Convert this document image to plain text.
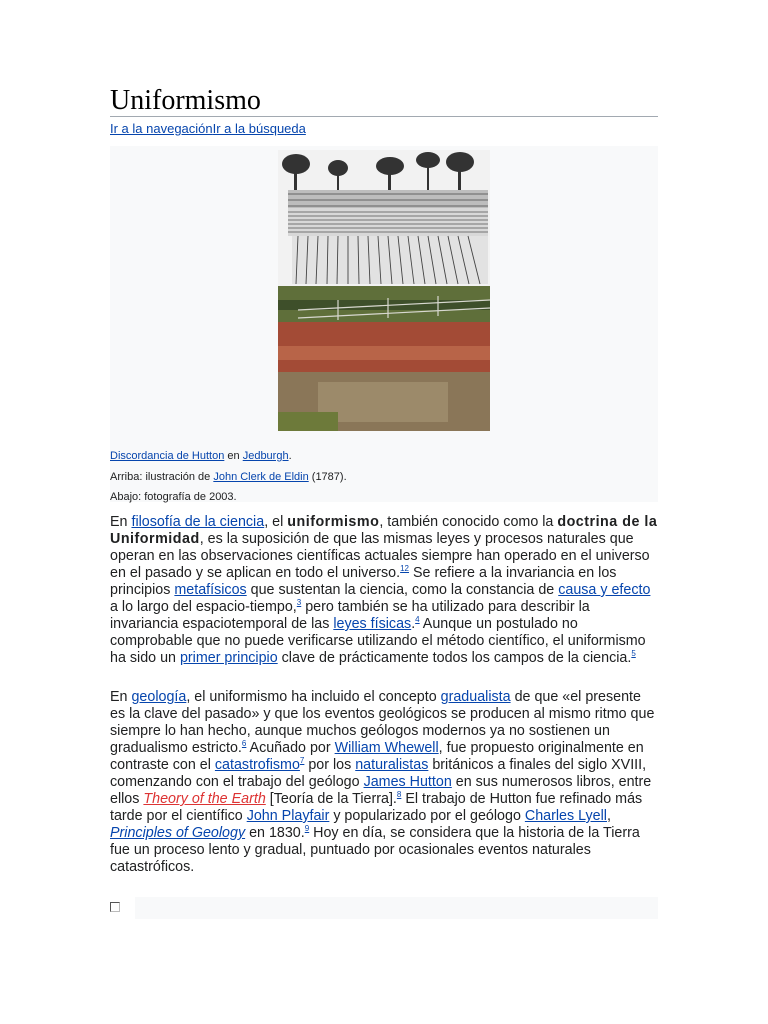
Uniformismo
Ir a la navegaciónIr a la búsqueda
Discordancia de Hutton en Jedburgh.
Arriba: ilustración de John Clerk de Eldin (1787).
Abajo: fotografía de 2003.

En filosofía de la ciencia, el uniformismo, también conocido como la doctrina de la Uniformidad, es la suposición de que las mismas leyes y procesos naturales que operan en las observaciones científicas actuales siempre han operado en el universo en el pasado y se aplican en todo el universo.$^{12}$ Se refiere a la invariancia en los principios metafísicos que sustentan la ciencia, como la constancia de causa y efecto a lo largo del espacio-tiempo,$^3$ pero también se ha utilizado para describir la invariancia espaciotemporal de las leyes físicas.$^4$ Aunque un postulado no comprobable que no puede verificarse utilizando el método científico, el uniformismo ha sido un primer principio clave de prácticamente todos los campos de la ciencia.$^5$

En geología, el uniformismo ha incluido el concepto gradualista de que «el presente es la clave del pasado» y que los eventos geológicos se producen al mismo ritmo que siempre lo han hecho, aunque muchos geólogos modernos ya no sostienen un gradualismo estricto.$^6$ Acuñado por William Whewell, fue propuesto originalmente en contraste con el catastrofismo$^7$ por los naturalistas británicos a finales del siglo XVIII, comenzando con el trabajo del geólogo James Hutton en sus numerosos libros, entre ellos Theory of the Earth [Teoría de la Tierra].$^8$ El trabajo de Hutton fue refinado más tarde por el científico John Playfair y popularizado por el geólogo Charles Lyell, Principles of Geology en 1830.$^9$ Hoy en día, se considera que la historia de la Tierra fue un proceso lento y gradual, puntuado por ocasionales eventos naturales catastróficos.
